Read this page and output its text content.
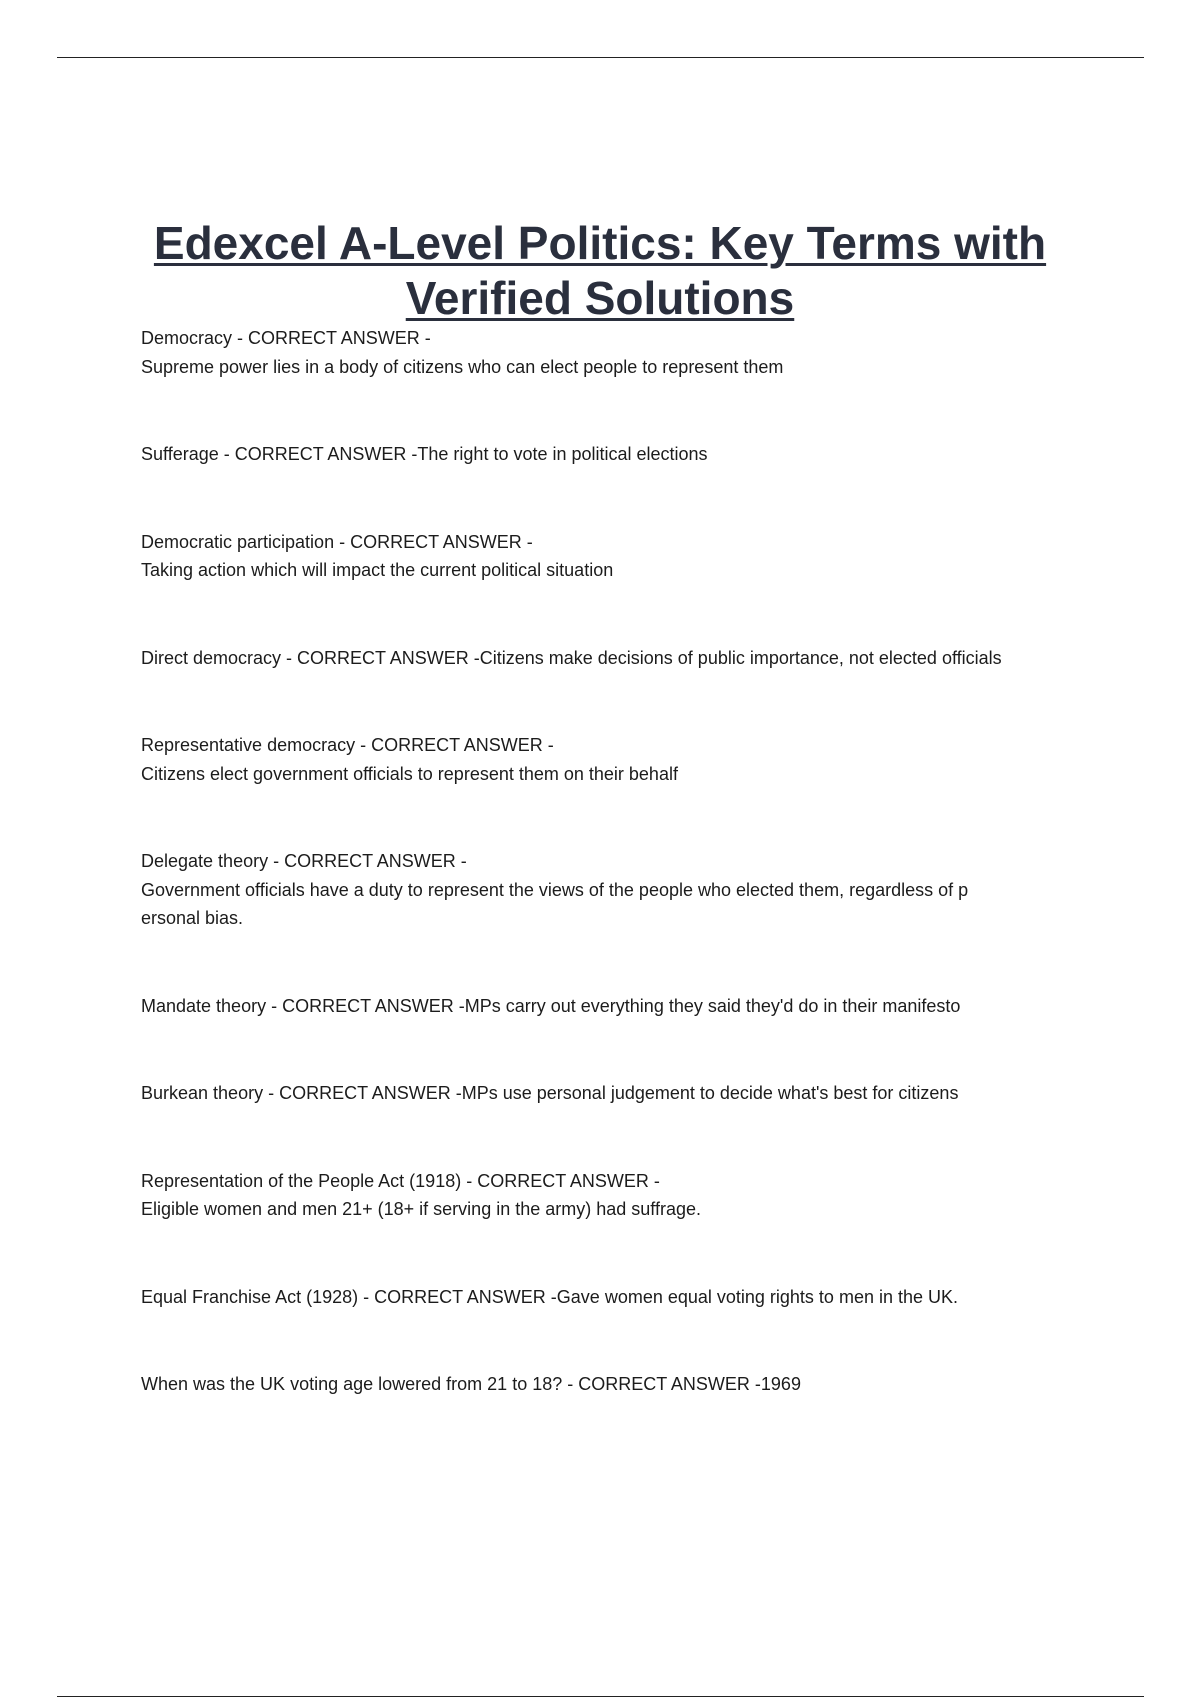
Edexcel A-Level Politics: Key Terms with
Verified Solutions
Democracy - CORRECT ANSWER -
Supreme power lies in a body of citizens who can elect people to represent them
Sufferage - CORRECT ANSWER -The right to vote in political elections
Democratic participation - CORRECT ANSWER -
Taking action which will impact the current political situation
Direct democracy - CORRECT ANSWER -Citizens make decisions of public importance, not elected officials
Representative democracy - CORRECT ANSWER -
Citizens elect government officials to represent them on their behalf
Delegate theory - CORRECT ANSWER -
Government officials have a duty to represent the views of the people who elected them, regardless of p
ersonal bias.
Mandate theory - CORRECT ANSWER -MPs carry out everything they said they'd do in their manifesto
Burkean theory - CORRECT ANSWER -MPs use personal judgement to decide what's best for citizens
Representation of the People Act (1918) - CORRECT ANSWER -
Eligible women and men 21+ (18+ if serving in the army) had suffrage.
Equal Franchise Act (1928) - CORRECT ANSWER -Gave women equal voting rights to men in the UK.
When was the UK voting age lowered from 21 to 18? - CORRECT ANSWER -1969
